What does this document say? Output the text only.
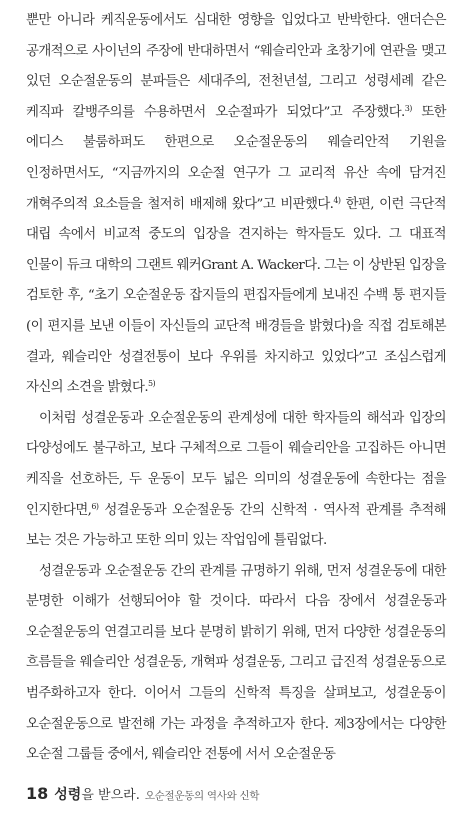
뿐만 아니라 케직운동에서도 심대한 영향을 입었다고 반박한다. 앤더슨은 공개적으로 사이넌의 주장에 반대하면서 “웨슬리안과 초창기에 연관을 맺고 있던 오순절운동의 분파들은 세대주의, 전천년설, 그리고 성령세례 같은 케직파 칼뱅주의를 수용하면서 오순절파가 되었다”고 주장했다.$^{3)}$ 또한 에디스 불룸하퍼도 한편으로 오순절운동의 웨슬리안적 기원을 인정하면서도, “지금까지의 오순절 연구가 그 교리적 유산 속에 담겨진 개혁주의적 요소들을 철저히 배제해 왔다”고 비판했다.$^{4)}$ 한편, 이런 극단적 대립 속에서 비교적 중도의 입장을 견지하는 학자들도 있다. 그 대표적 인물이 듀크 대학의 그랜트 웨커Grant A. Wacker다. 그는 이 상반된 입장을 검토한 후, “초기 오순절운동 잡지들의 편집자들에게 보내진 수백 통 편지들(이 편지를 보낸 이들이 자신들의 교단적 배경들을 밝혔다)을 직접 검토해본 결과, 웨슬리안 성결전통이 보다 우위를 차지하고 있었다”고 조심스럽게 자신의 소견을 밝혔다.$^{5)}$

이처럼 성결운동과 오순절운동의 관계성에 대한 학자들의 해석과 입장의 다양성에도 불구하고, 보다 구체적으로 그들이 웨슬리안을 고집하든 아니면 케직을 선호하든, 두 운동이 모두 넓은 의미의 성결운동에 속한다는 점을 인지한다면,$^{6)}$ 성결운동과 오순절운동 간의 신학적 · 역사적 관계를 추적해 보는 것은 가능하고 또한 의미 있는 작업임에 틀림없다.

성결운동과 오순절운동 간의 관계를 규명하기 위해, 먼저 성결운동에 대한 분명한 이해가 선행되어야 할 것이다. 따라서 다음 장에서 성결운동과 오순절운동의 연결고리를 보다 분명히 밝히기 위해, 먼저 다양한 성결운동의 흐름들을 웨슬리안 성결운동, 개혁파 성결운동, 그리고 급진적 성결운동으로 범주화하고자 한다. 이어서 그들의 신학적 특징을 살펴보고, 성결운동이 오순절운동으로 발전해 가는 과정을 추적하고자 한다. 제3장에서는 다양한 오순절 그룹들 중에서, 웨슬리안 전통에 서서 오순절운동

18 성령 을 받으라. 오순절운동의 역사와 신학
